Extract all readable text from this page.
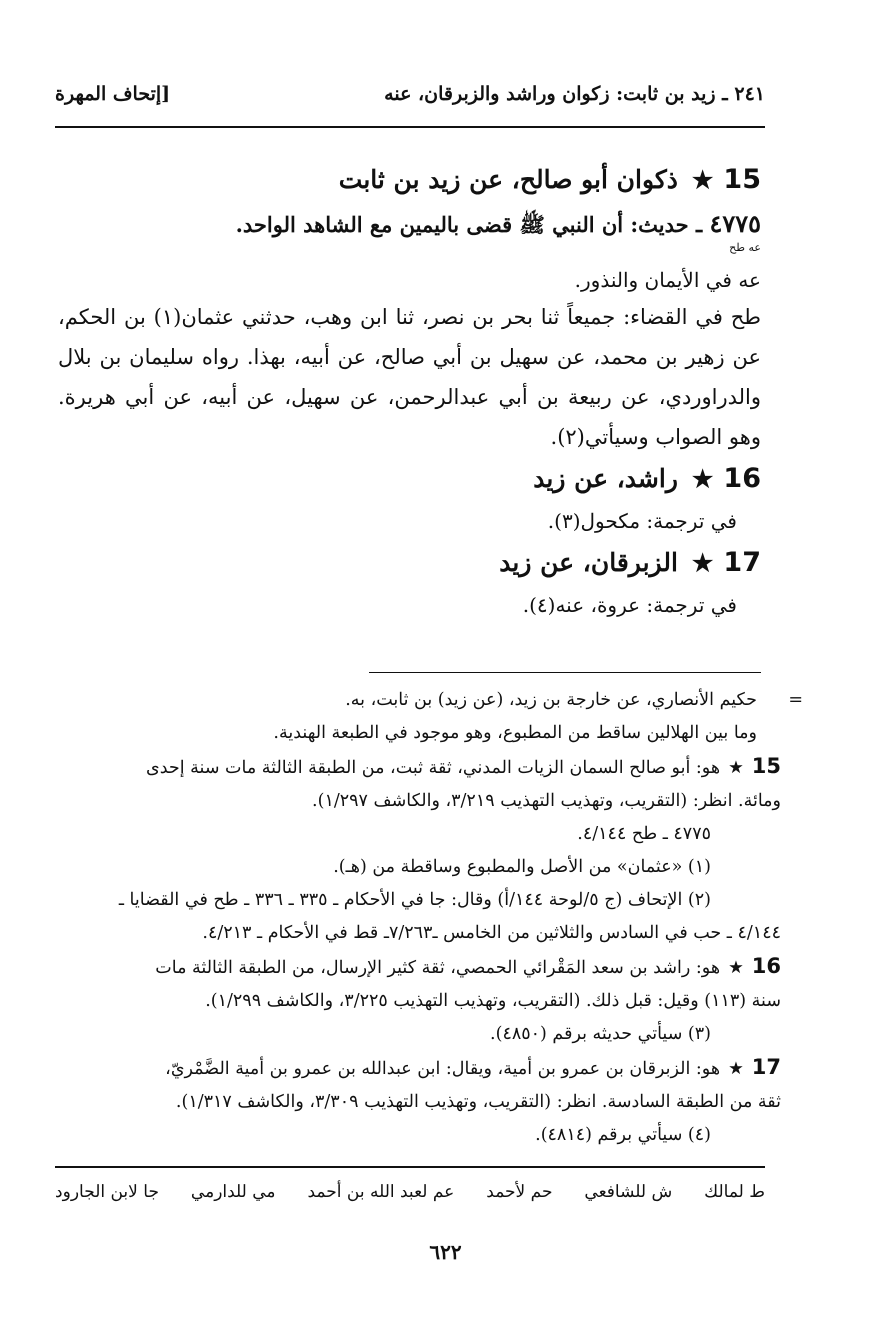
٢٤١ ـ زيد بن ثابت: زكوان وراشد والزبرقان، عنه
[إتحاف المهرة

15★ذكوان أبو صالح، عن زيد بن ثابت

٤٧٧٥ ـ حديث: أن النبي ﷺ قضى باليمين مع الشاهد الواحد.

$^{عه طح}$
عه في الأيمان والنذور.

طح في القضاء: جميعاً ثنا بحر بن نصر، ثنا ابن وهب، حدثني عثمان(١) بن الحكم، عن زهير بن محمد، عن سهيل بن أبي صالح، عن أبيه، بهذا. رواه سليمان بن بلال والدراوردي، عن ربيعة بن أبي عبدالرحمن، عن سهيل، عن أبيه، عن أبي هريرة. وهو الصواب وسيأتي(٢).

16★راشد، عن زيد

في ترجمة: مكحول(٣).

17★الزبرقان، عن زيد

في ترجمة: عروة، عنه(٤).

=
حكيم الأنصاري، عن خارجة بن زيد، (عن زيد) بن ثابت، به.

وما بين الهلالين ساقط من المطبوع، وهو موجود في الطبعة الهندية.

15★هو: أبو صالح السمان الزيات المدني، ثقة ثبت، من الطبقة الثالثة مات سنة إحدى

ومائة. انظر: (التقريب، وتهذيب التهذيب ٣/٢١٩، والكاشف ١/٢٩٧).

٤٧٧٥ ـ طح ٤/١٤٤.

(١) «عثمان» من الأصل والمطبوع وساقطة من (هـ).

(٢) الإتحاف (ج ٥/لوحة ١٤٤/أ) وقال: جا في الأحكام ـ ٣٣٥ ـ ٣٣٦ ـ طح في القضايا ـ

٤/١٤٤ ـ حب في السادس والثلاثين من الخامس ـ٧/٢٦٣ـ قط في الأحكام ـ ٤/٢١٣.

16★هو: راشد بن سعد المَقْرائي الحمصي، ثقة كثير الإرسال، من الطبقة الثالثة مات

سنة (١١٣) وقيل: قبل ذلك. (التقريب، وتهذيب التهذيب ٣/٢٢٥، والكاشف ١/٢٩٩).

(٣) سيأتي حديثه برقم (٤٨٥٠).

17★هو: الزبرقان بن عمرو بن أمية، ويقال: ابن عبدالله بن عمرو بن أمية الضَّمْريّ،

ثقة من الطبقة السادسة. انظر: (التقريب، وتهذيب التهذيب ٣/٣٠٩، والكاشف ١/٣١٧).

(٤) سيأتي برقم (٤٨١٤).

ط لمالك
ش للشافعي
حم لأحمد
عم لعبد الله بن أحمد
مي للدارمي
جا لابن الجارود
٦٢٢
